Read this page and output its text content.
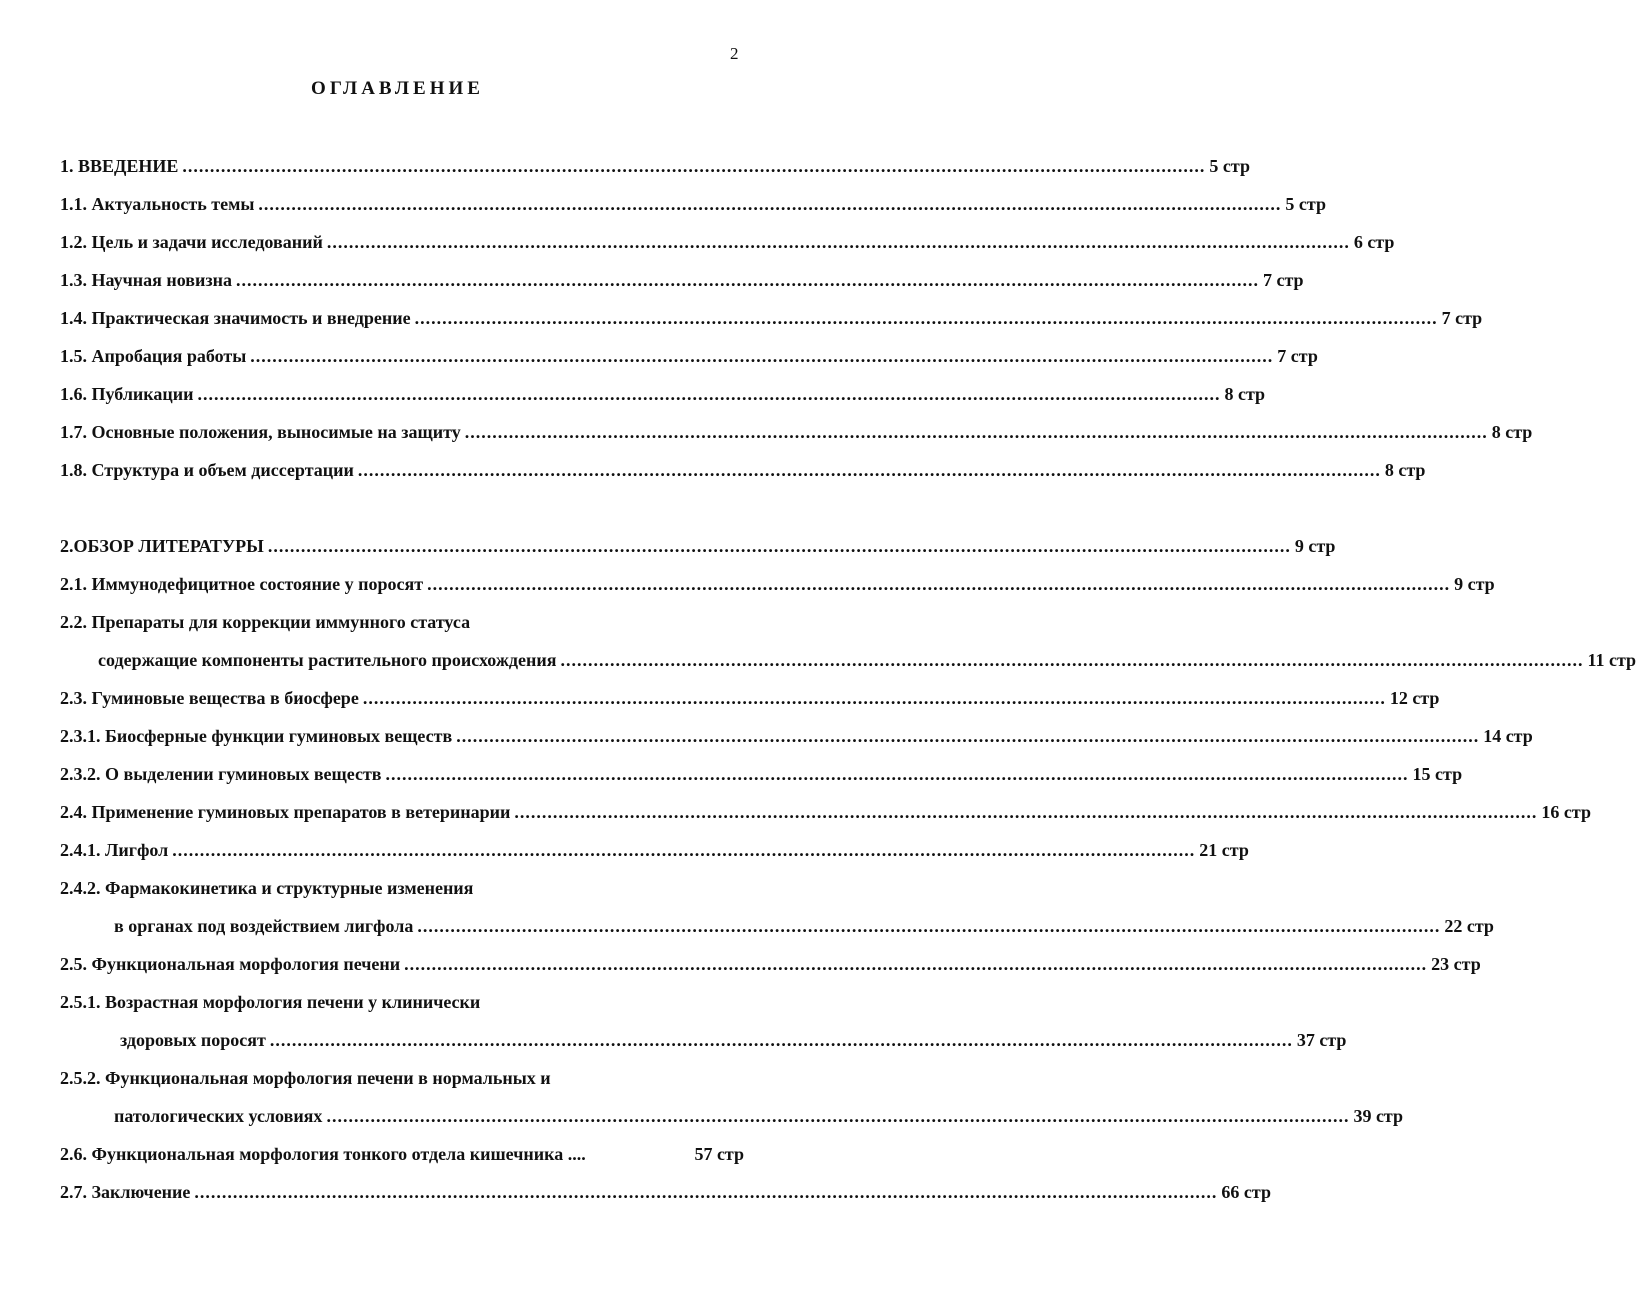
2
ОГЛАВЛЕНИЕ
1. ВВЕДЕНИЕ .......................................................................................................................................................................................... 5 стр
1.1. Актуальность темы .......................................................................................................................................................................................... 5 стр
1.2. Цель и задачи исследований .......................................................................................................................................................................................... 6 стр
1.3. Научная новизна .......................................................................................................................................................................................... 7 стр
1.4. Практическая значимость и внедрение .......................................................................................................................................................................................... 7 стр
1.5. Апробация работы .......................................................................................................................................................................................... 7 стр
1.6. Публикации .......................................................................................................................................................................................... 8 стр
1.7. Основные положения, выносимые на защиту .......................................................................................................................................................................................... 8 стр
1.8. Структура и объем диссертации .......................................................................................................................................................................................... 8 стр
2.ОБЗОР ЛИТЕРАТУРЫ .......................................................................................................................................................................................... 9 стр
2.1. Иммунодефицитное состояние у поросят .......................................................................................................................................................................................... 9 стр
2.2. Препараты для коррекции иммунного статуса
содержащие компоненты растительного происхождения .......................................................................................................................................................................................... 11 стр
2.3. Гуминовые вещества в биосфере .......................................................................................................................................................................................... 12 стр
2.3.1. Биосферные функции гуминовых веществ .......................................................................................................................................................................................... 14 стр
2.3.2. О выделении гуминовых веществ .......................................................................................................................................................................................... 15 стр
2.4. Применение гуминовых препаратов в ветеринарии .......................................................................................................................................................................................... 16 стр
2.4.1. Лигфол .......................................................................................................................................................................................... 21 стр
2.4.2. Фармакокинетика и структурные изменения
в органах под воздействием лигфола .......................................................................................................................................................................................... 22 стр
2.5. Функциональная морфология печени .......................................................................................................................................................................................... 23 стр
2.5.1. Возрастная морфология печени у клинически
здоровых поросят .......................................................................................................................................................................................... 37 стр
2.5.2. Функциональная морфология печени в нормальных и
патологических условиях .......................................................................................................................................................................................... 39 стр
2.6. Функциональная морфология тонкого отдела кишечника ....	57 стр
2.7. Заключение .......................................................................................................................................................................................... 66 стр
